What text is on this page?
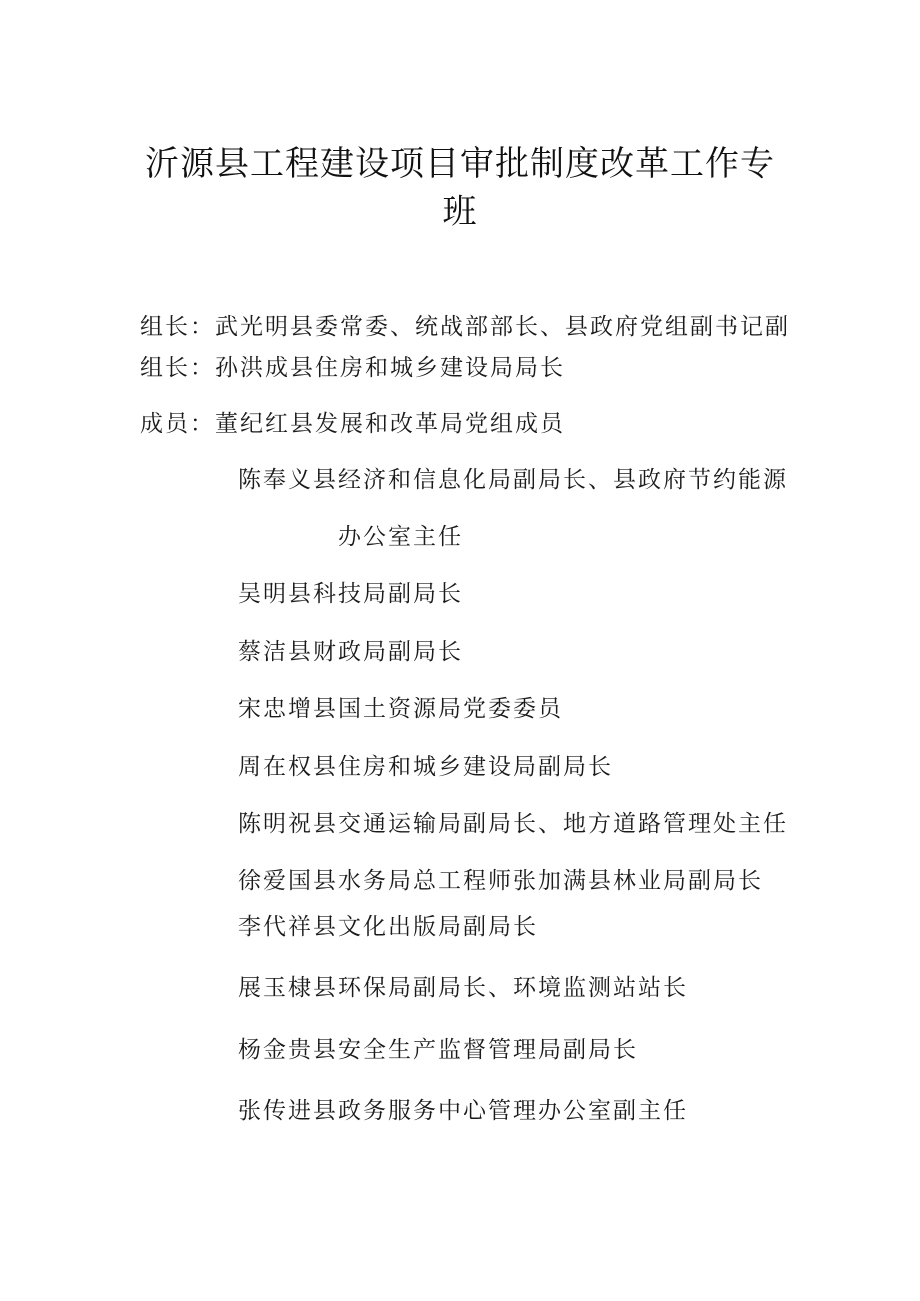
沂源县工程建设项目审批制度改革工作专
班
组长：武光明县委常委、统战部部长、县政府党组副书记副
组长：孙洪成县住房和城乡建设局局长
成员：董纪红县发展和改革局党组成员
陈奉义县经济和信息化局副局长、县政府节约能源
办公室主任
吴明县科技局副局长
蔡洁县财政局副局长
宋忠增县国土资源局党委委员
周在权县住房和城乡建设局副局长
陈明祝县交通运输局副局长、地方道路管理处主任
徐爱国县水务局总工程师张加满县林业局副局长
李代祥县文化出版局副局长
展玉棣县环保局副局长、环境监测站站长
杨金贵县安全生产监督管理局副局长
张传进县政务服务中心管理办公室副主任
